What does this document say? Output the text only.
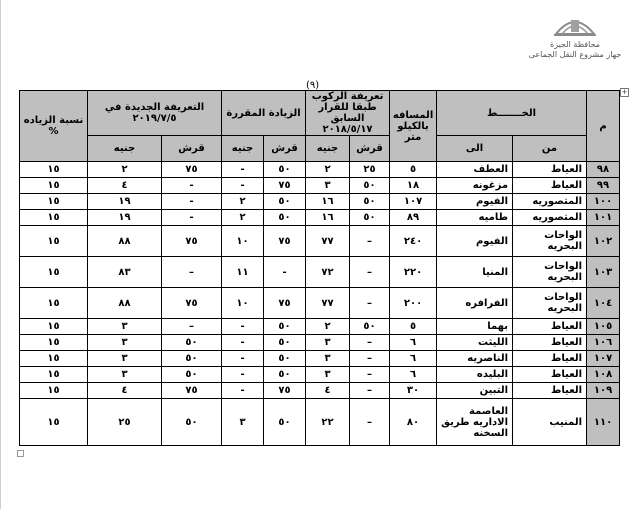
محافظة الجيزة
جهاز مشروع النقل الجماعى
(٩)
+
م	الخـــــــط		المسافه بالكيلو متر	تعريفة الركوب طبقا للقرار السابق ٢٠١٨/٥/١٧		الزيادة المقررة		التعريفة الجديدة في ٢٠١٩/٧/٥		نسبة الزياده %
	من	الى		قرش	جنيه	قرش	جنيه	قرش	جنيه	
٩٨	العياط	العطف	٥	٢٥	٢	٥٠	-	٧٥	٢	١٥
٩٩	العياط	مزغونه	١٨	٥٠	٣	٧٥	-	-	٤	١٥
١٠٠	المتصوريه	الفيوم	١٠٧	٥٠	١٦	٥٠	٢	-	١٩	١٥
١٠١	المتصوريه	طاميه	٨٩	٥٠	١٦	٥٠	٢	-	١٩	١٥
١٠٢	الواحات البحريه	الفيوم	٢٤٠	–	٧٧	٧٥	١٠	٧٥	٨٨	١٥
١٠٣	الواحات البحريه	المنيا	٢٢٠	–	٧٢	-	١١	–	٨٣	١٥
١٠٤	الواحات البحريه	الفرافره	٢٠٠	–	٧٧	٧٥	١٠	٧٥	٨٨	١٥
١٠٥	العياط	بهما	٥	٥٠	٢	٥٠	-	–	٣	١٥
١٠٦	العياط	الليثت	٦	–	٣	٥٠	-	٥٠	٣	١٥
١٠٧	العياط	الناصريه	٦	–	٣	٥٠	-	٥٠	٣	١٥
١٠٨	العياط	البليده	٦	–	٣	٥٠	-	٥٠	٣	١٥
١٠٩	العياط	التبين	٣٠	–	٤	٧٥	-	٧٥	٤	١٥
١١٠	المنيب	العاصمة الاداريه طريق السخنه	٨٠	–	٢٢	٥٠	٣	٥٠	٢٥	١٥
